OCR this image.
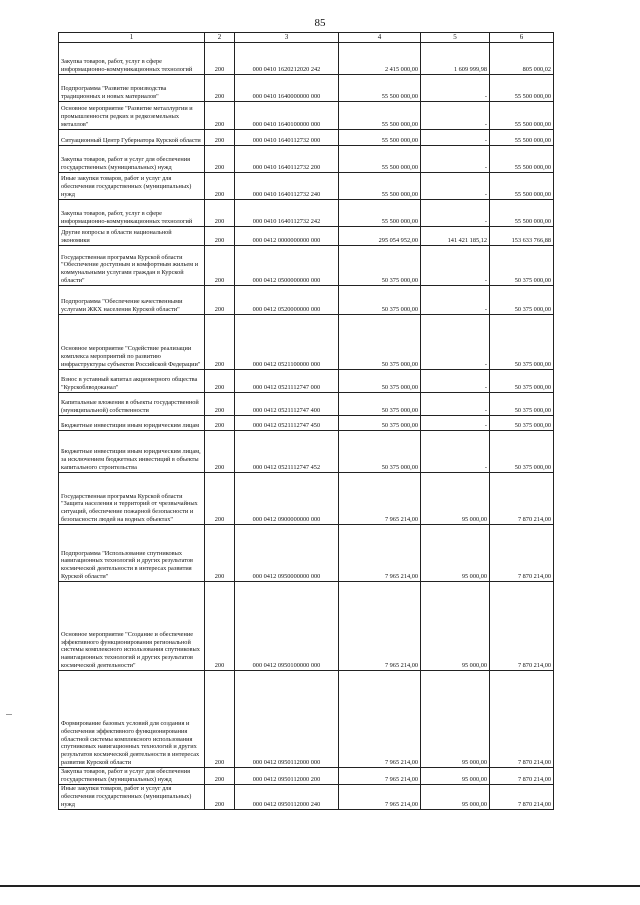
85
1	2	3	4	5	6
Закупка товаров, работ, услуг в сфере информационно-коммуникационных технологий	200	000 0410 1620212020 242	2 415 000,00	1 609 999,98	805 000,02
Подпрограмма "Развитие производства традиционных и новых материалов"	200	000 0410 1640000000 000	55 500 000,00	-	55 500 000,00
Основное мероприятие "Развитие металлургии и промышленности редких и редкоземельных металлов"	200	000 0410 1640100000 000	55 500 000,00	-	55 500 000,00
Ситуационный Центр Губернатора Курской области	200	000 0410 1640112732 000	55 500 000,00	-	55 500 000,00
Закупка товаров, работ и услуг для обеспечения государственных (муниципальных) нужд	200	000 0410 1640112732 200	55 500 000,00	-	55 500 000,00
Иные закупки товаров, работ и услуг для обеспечения государственных (муниципальных) нужд	200	000 0410 1640112732 240	55 500 000,00	-	55 500 000,00
Закупка товаров, работ, услуг в сфере информационно-коммуникационных технологий	200	000 0410 1640112732 242	55 500 000,00	-	55 500 000,00
Другие вопросы в области национальной экономики	200	000 0412 0000000000 000	295 054 952,00	141 421 185,12	153 633 766,88
Государственная программа Курской области "Обеспечение доступным и комфортным жильем и коммунальными услугами граждан в Курской области"	200	000 0412 0500000000 000	50 375 000,00	-	50 375 000,00
Подпрограмма "Обеспечение качественными услугами ЖКХ населения Курской области"	200	000 0412 0520000000 000	50 375 000,00	-	50 375 000,00
Основное мероприятие "Содействие реализации комплекса мероприятий по развитию инфраструктуры субъектов Российской Федерации"	200	000 0412 0521100000 000	50 375 000,00	-	50 375 000,00
Взнос в уставный капитал акционерного общества "Курскоблводоканал"	200	000 0412 0521112747 000	50 375 000,00	-	50 375 000,00
Капитальные вложения в объекты государственной (муниципальной) собственности	200	000 0412 0521112747 400	50 375 000,00	-	50 375 000,00
Бюджетные инвестиции иным юридическим лицам	200	000 0412 0521112747 450	50 375 000,00	-	50 375 000,00
Бюджетные инвестиции иным юридическим лицам, за исключением бюджетных инвестиций в объекты капитального строительства	200	000 0412 0521112747 452	50 375 000,00	-	50 375 000,00
Государственная программа Курской области "Защита населения и территорий от чрезвычайных ситуаций, обеспечение пожарной безопасности и безопасности людей на водных объектах"	200	000 0412 0900000000 000	7 965 214,00	95 000,00	7 870 214,00
Подпрограмма "Использование спутниковых навигационных технологий и других результатов космической деятельности в интересах развития Курской области"	200	000 0412 0950000000 000	7 965 214,00	95 000,00	7 870 214,00
Основное мероприятие "Создание и обеспечение эффективного функционирования региональной системы комплексного использования спутниковых навигационных технологий и других результатов космической деятельности"	200	000 0412 0950100000 000	7 965 214,00	95 000,00	7 870 214,00
Формирование базовых условий для создания и обеспечения эффективного функционирования областной системы комплексного использования спутниковых навигационных технологий и других результатов космической деятельности в интересах развития Курской области	200	000 0412 0950112000 000	7 965 214,00	95 000,00	7 870 214,00
Закупка товаров, работ и услуг для обеспечения государственных (муниципальных) нужд	200	000 0412 0950112000 200	7 965 214,00	95 000,00	7 870 214,00
Иные закупки товаров, работ и услуг для обеспечения государственных (муниципальных) нужд	200	000 0412 0950112000 240	7 965 214,00	95 000,00	7 870 214,00
